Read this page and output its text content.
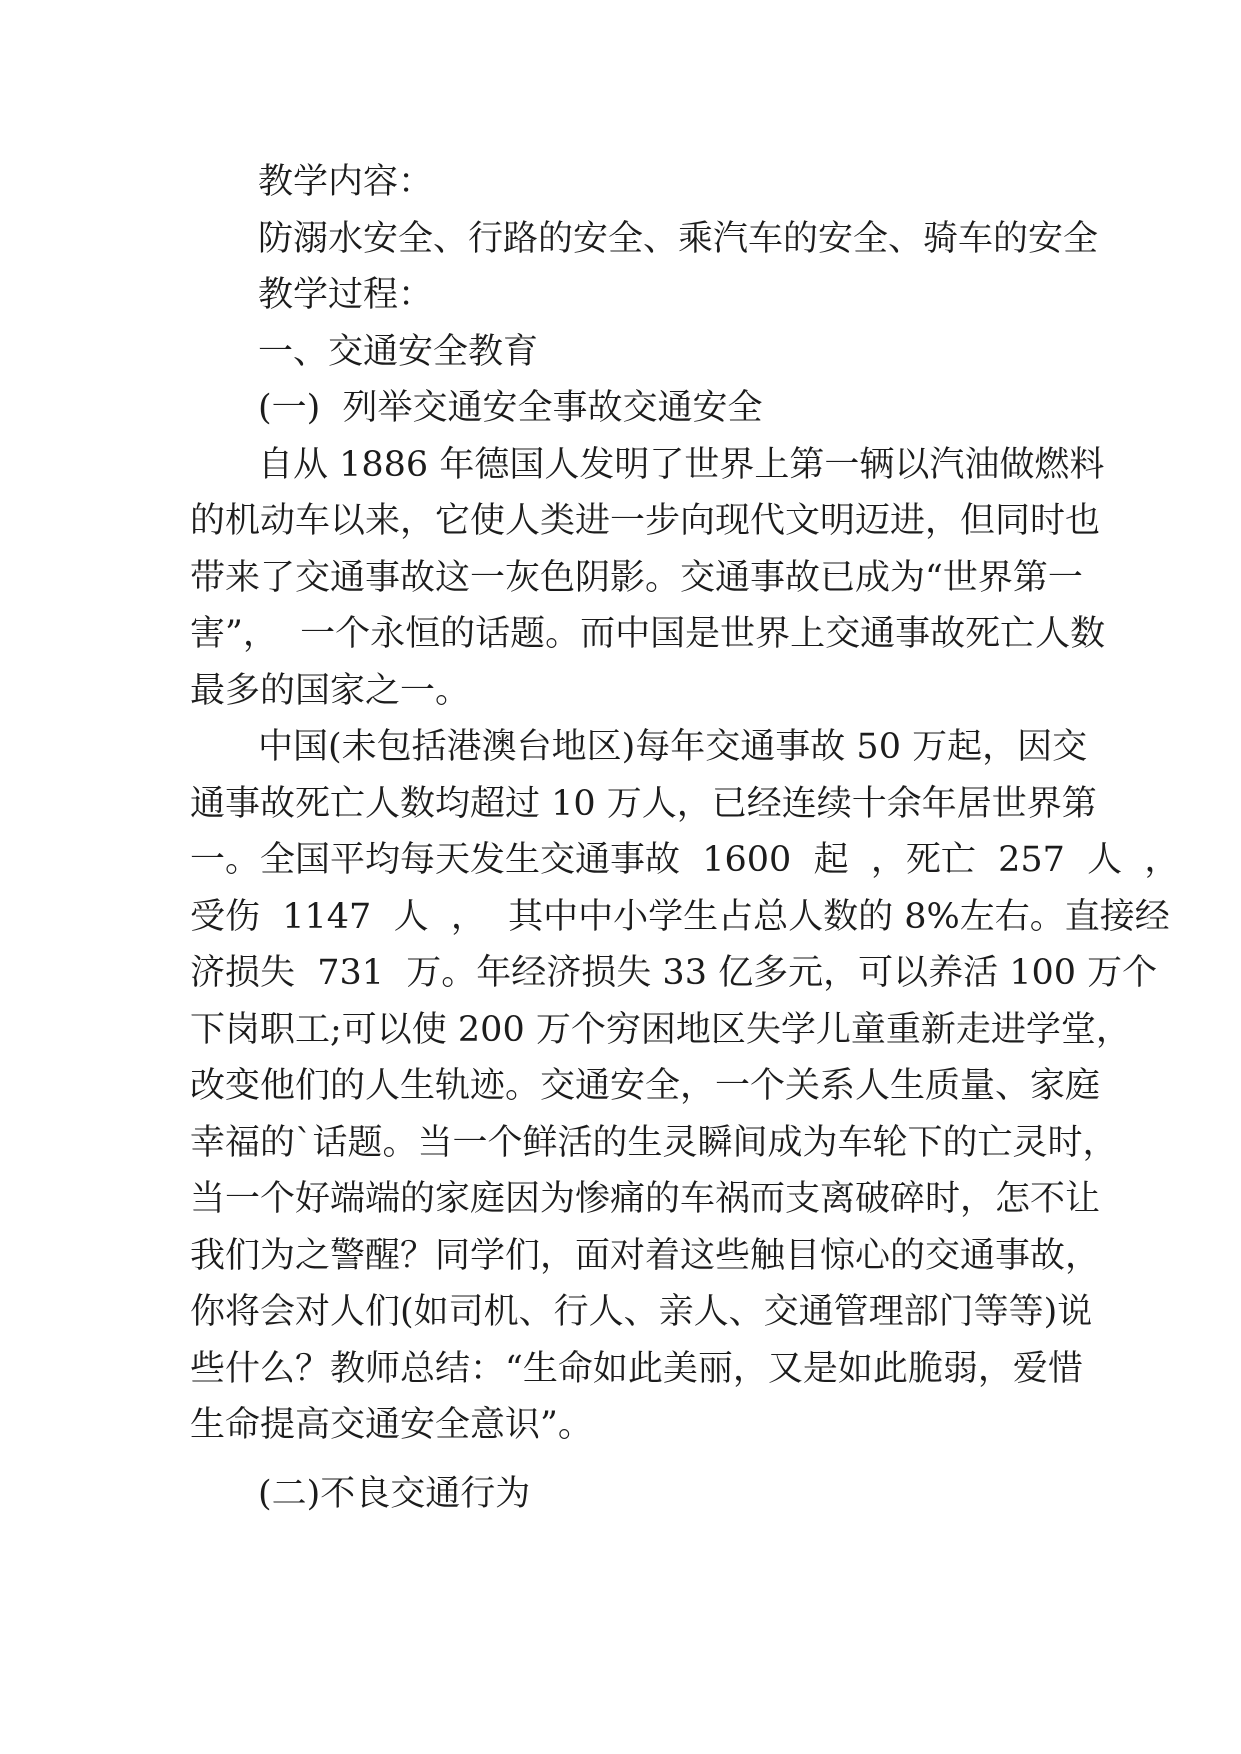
教学内容：
防溺水安全、行路的安全、乘汽车的安全、骑车的安全
教学过程：
一、交通安全教育
(一)  列举交通安全事故交通安全
自从 1886 年德国人发明了世界上第一辆以汽油做燃料
的机动车以来，它使人类进一步向现代文明迈进，但同时也
带来了交通事故这一灰色阴影。交通事故已成为“世界第一
害”，  一个永恒的话题。而中国是世界上交通事故死亡人数
最多的国家之一。
中国(未包括港澳台地区)每年交通事故 50 万起，因交
通事故死亡人数均超过 10 万人，已经连续十余年居世界第
一。全国平均每天发生交通事故  1600  起  ，死亡  257  人  ，
受伤  1147  人  ，  其中中小学生占总人数的 8%左右。直接经
济损失  731  万。年经济损失 33 亿多元，可以养活 100 万个
下岗职工;可以使 200 万个穷困地区失学儿童重新走进学堂，
改变他们的人生轨迹。交通安全，一个关系人生质量、家庭
幸福的`话题。当一个鲜活的生灵瞬间成为车轮下的亡灵时，
当一个好端端的家庭因为惨痛的车祸而支离破碎时，怎不让
我们为之警醒？同学们，面对着这些触目惊心的交通事故，
你将会对人们(如司机、行人、亲人、交通管理部门等等)说
些什么？教师总结：“生命如此美丽，又是如此脆弱，爱惜
生命提高交通安全意识”。
(二)不良交通行为
